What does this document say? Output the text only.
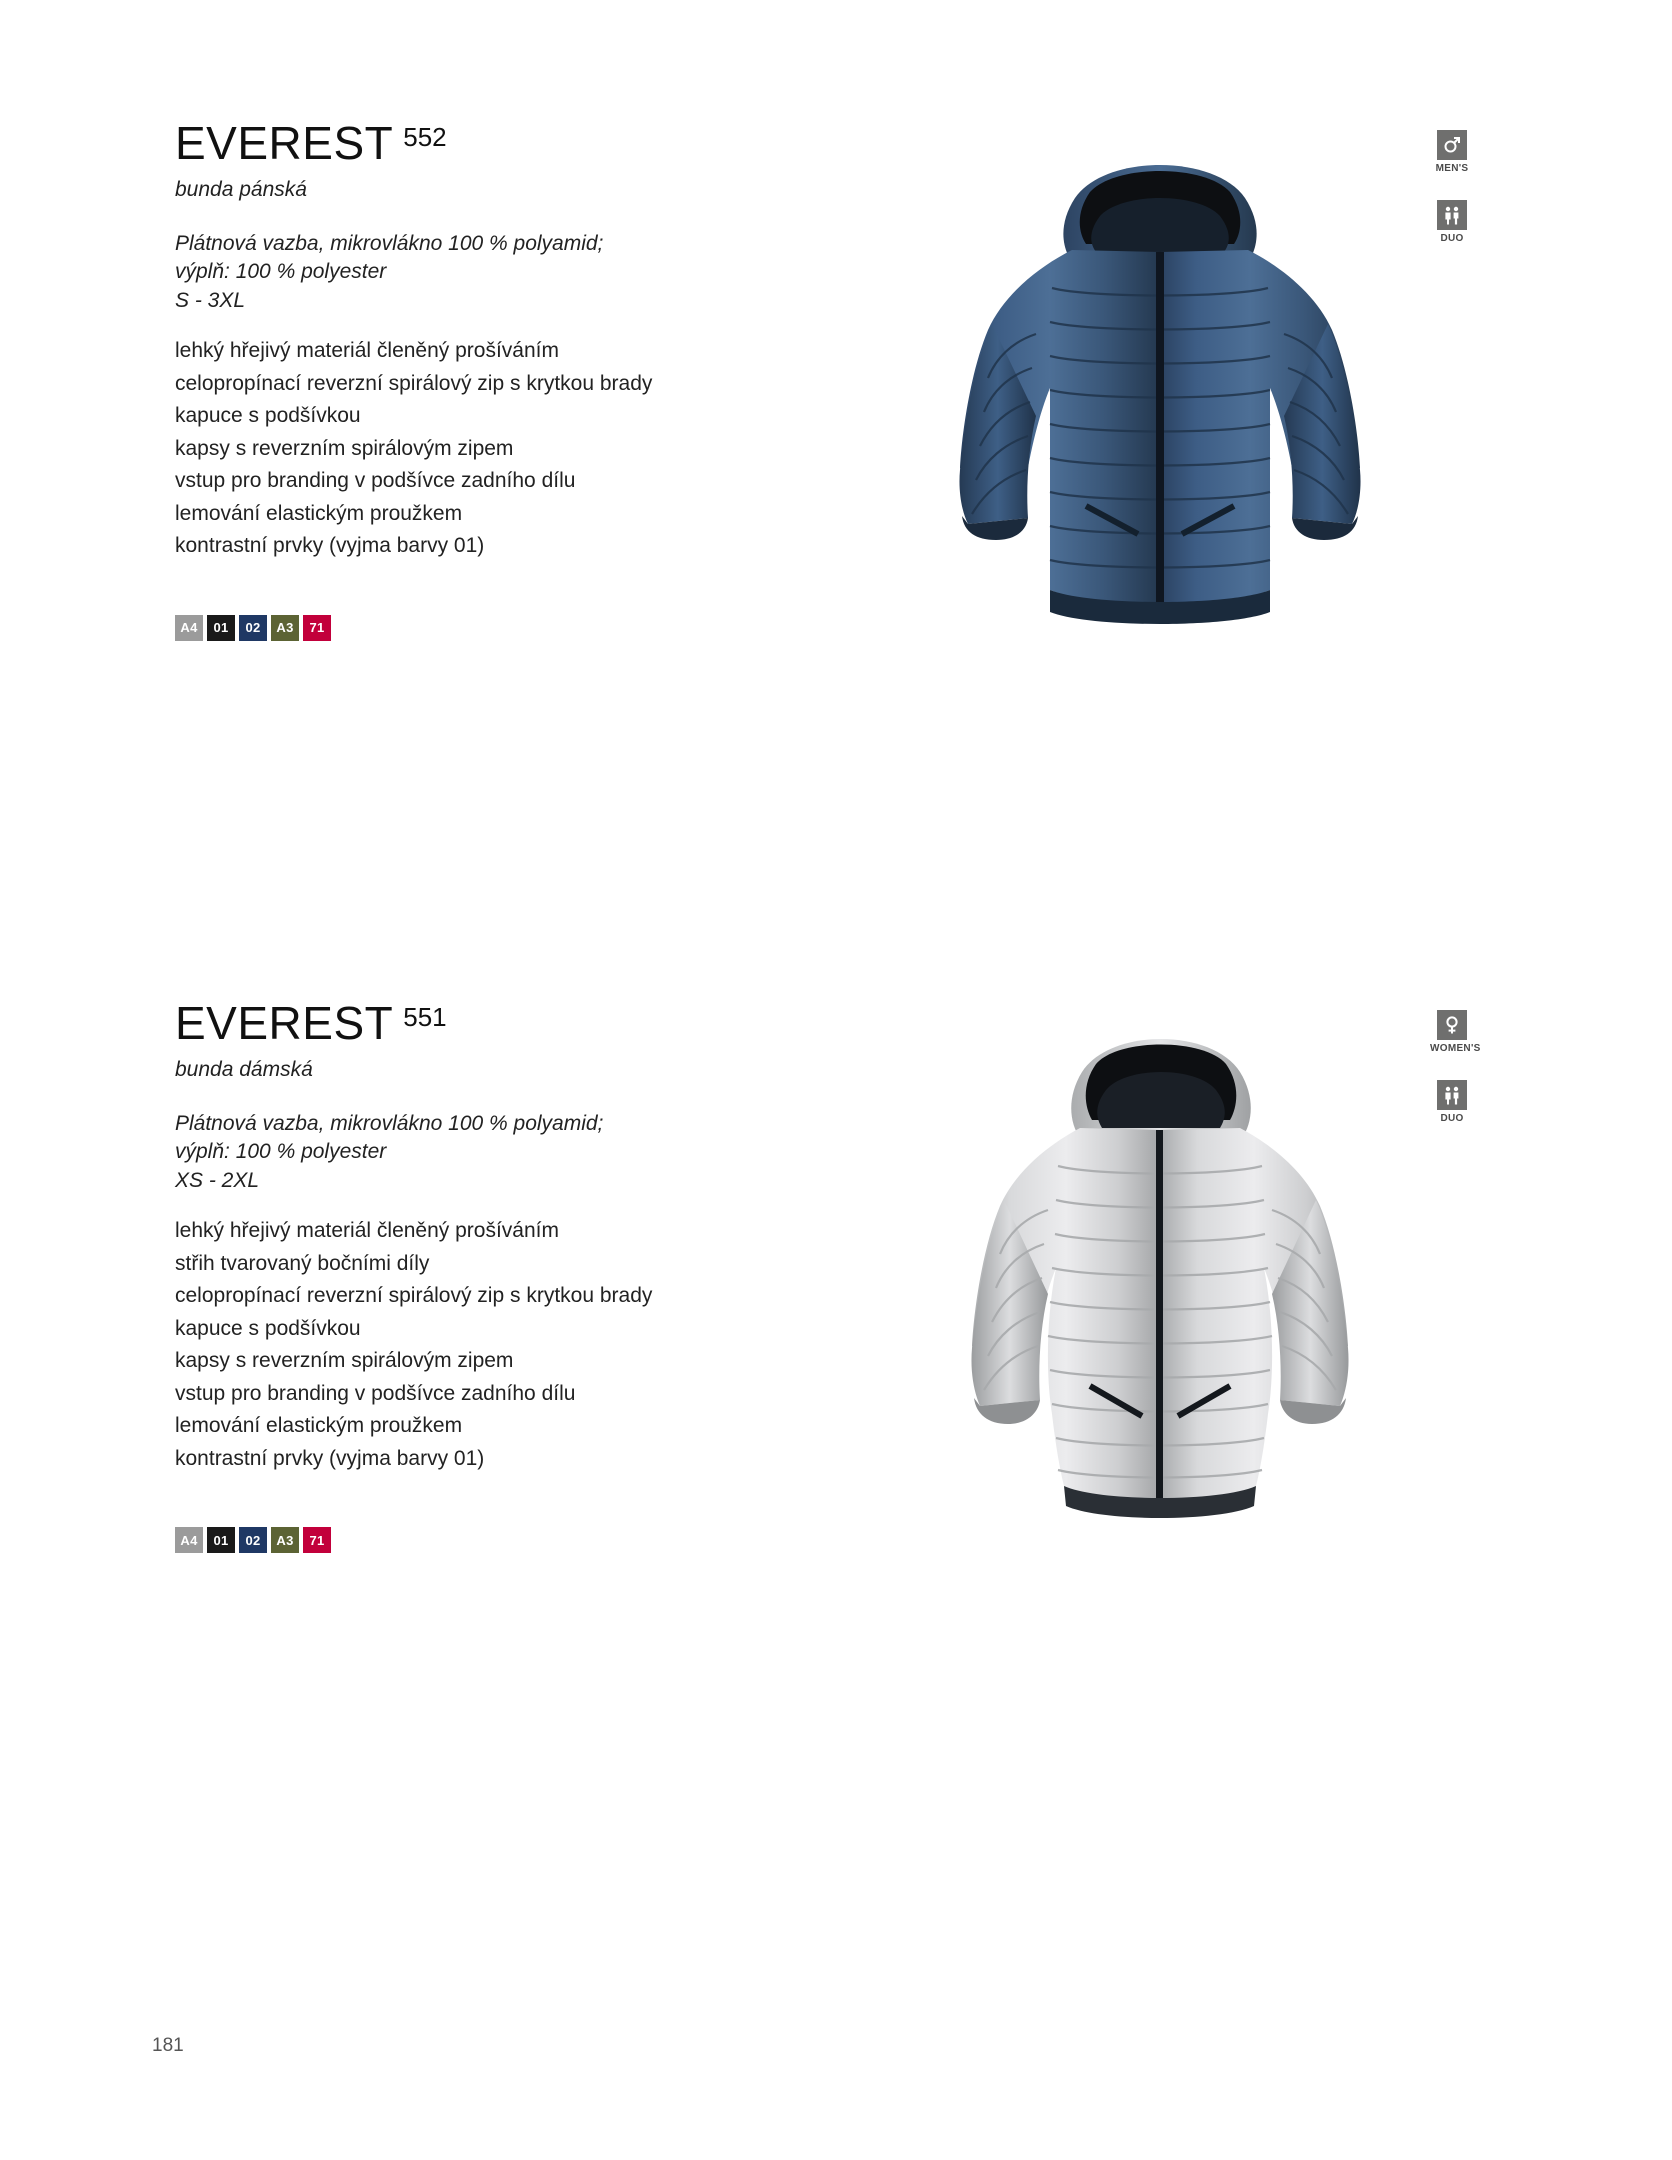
EVEREST 552
bunda pánská
Plátnová vazba, mikrovlákno 100 % polyamid;
výplň: 100 % polyester
S - 3XL
lehký hřejivý materiál členěný prošíváním
celopropínací reverzní spirálový zip s krytkou brady
kapuce s podšívkou
kapsy s reverzním spirálovým zipem
vstup pro branding v podšívce zadního dílu
lemování elastickým proužkem
kontrastní prvky (vyjma barvy 01)
A4	01	02	A3	71
MEN'S
DUO
EVEREST 551
bunda dámská
Plátnová vazba, mikrovlákno 100 % polyamid;
výplň: 100 % polyester
XS - 2XL
lehký hřejivý materiál členěný prošíváním
střih tvarovaný bočními díly
celopropínací reverzní spirálový zip s krytkou brady
kapuce s podšívkou
kapsy s reverzním spirálovým zipem
vstup pro branding v podšívce zadního dílu
lemování elastickým proužkem
kontrastní prvky (vyjma barvy 01)
A4	01	02	A3	71
WOMEN'S
DUO
181
